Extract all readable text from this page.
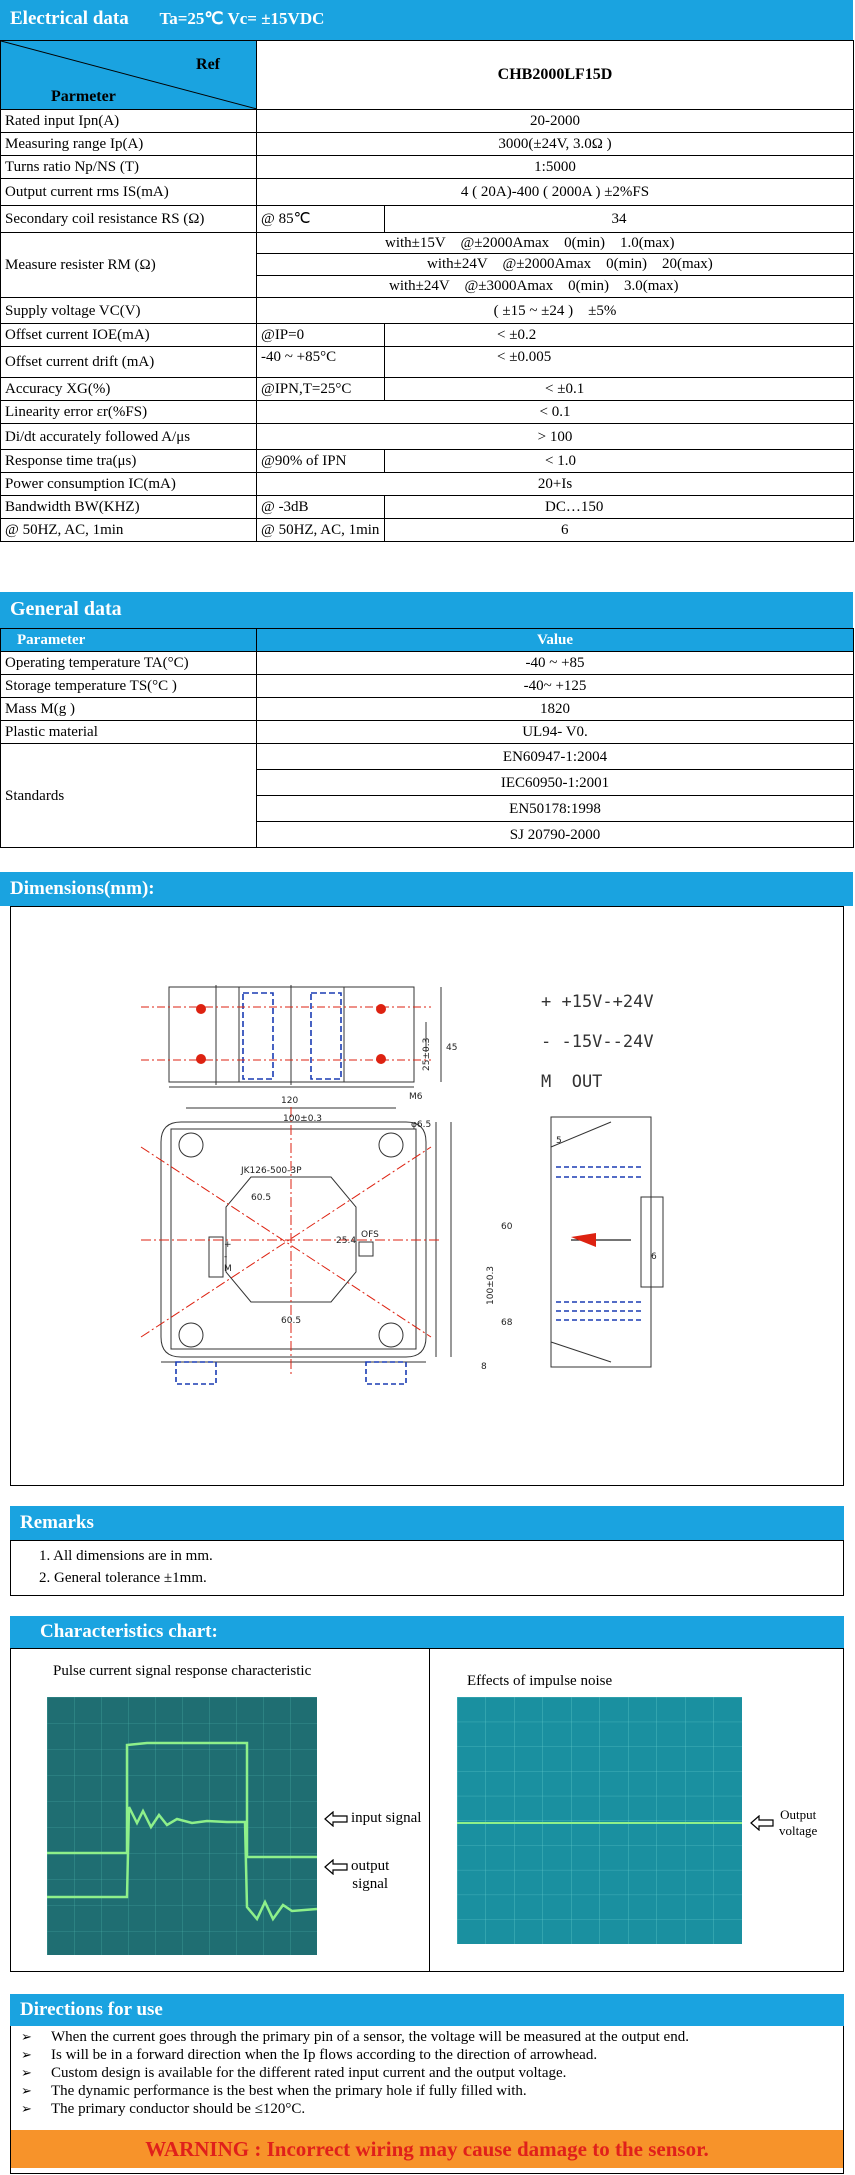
Electrical data Ta=25℃ Vc= ±15VDC
Ref
Parmeter	CHB2000LF15D	
Rated input Ipn(A)	20-2000	
Measuring range Ip(A)	3000(±24V, 3.0Ω )	
Turns ratio Np/NS (T)	1:5000	
Output current rms IS(mA)	4 ( 20A)-400 ( 2000A ) ±2%FS	
Secondary coil resistance RS (Ω)	@ 85℃	34
Measure resister RM (Ω)	with±15V    @±2000Amax    0(min)    1.0(max)
with±24V    @±2000Amax    0(min)    20(max)
with±24V    @±3000Amax    0(min)    3.0(max)	

Supply voltage VC(V)	( ±15 ~ ±24 )    ±5%	
Offset current IOE(mA)	@IP=0	< ±0.2
Offset current drift (mA)	-40 ~ +85°C	< ±0.005
Accuracy XG(%)	@IPN,T=25°C	< ±0.1
Linearity error εr(%FS)	< 0.1	
Di/dt accurately followed A/μs	> 100	
Response time tra(μs)	@90% of IPN	< 1.0
Power consumption IC(mA)	20+Is	
Bandwidth BW(KHZ)	@ -3dB	DC…150
@ 50HZ, AC, 1min	@ 50HZ, AC, 1min	6
General data
Parameter	Value
Operating temperature TA(°C)	-40 ~ +85
Storage temperature TS(°C )	-40~ +125
Mass M(g )	1820
Plastic material	UL94- V0.
Standards	EN60947-1:2004
	IEC60950-1:2001
	EN50178:1998
	SJ 20790-2000
Dimensions(mm):
45
25±0.3
M6
120
100±0.3
φ6.5
JK126-500-3P
60.5
25.4
60.5
OFS
60
100±0.3
68
5
6
8
+
-
M
+ +15V-+24V
- -15V--24V
M  OUT
Remarks
1. All dimensions are in mm.
2. General tolerance ±1mm.
Characteristics chart:
Pulse current signal response characteristic
Effects of impulse noise
input signal
output
signal
Output
voltage
Directions for use
➢ When the current goes through the primary pin of a sensor, the voltage will be measured at the output end.
➢ Is will be in a forward direction when the Ip flows according to the direction of arrowhead.
➢ Custom design is available for the different rated input current and the output voltage.
➢ The dynamic performance is the best when the primary hole if fully filled with.
➢ The primary conductor should be ≤120°C.
WARNING : Incorrect wiring may cause damage to the sensor.
